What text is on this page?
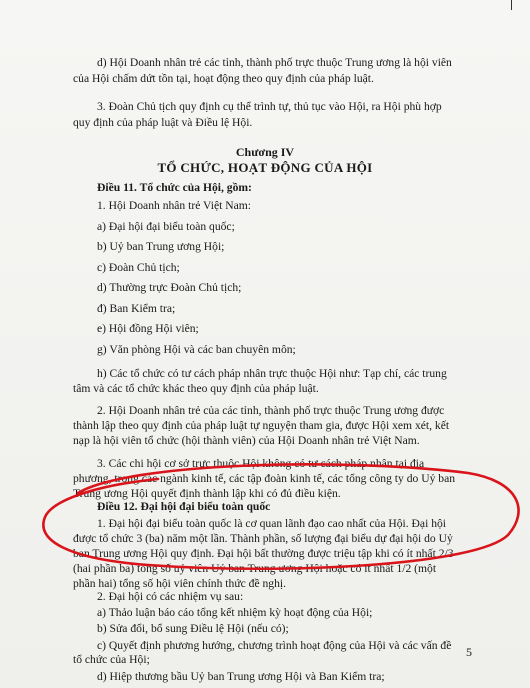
d) Hội Doanh nhân trẻ các tỉnh, thành phố trực thuộc Trung ương là hội viên
của Hội chấm dứt tồn tại, hoạt động theo quy định của pháp luật.
3. Đoàn Chủ tịch quy định cụ thể trình tự, thủ tục vào Hội, ra Hội phù hợp
quy định của pháp luật và Điều lệ Hội.
Chương IV
TỔ CHỨC, HOẠT ĐỘNG CỦA HỘI
Điều 11. Tổ chức của Hội, gồm:
1. Hội Doanh nhân trẻ Việt Nam:
a) Đại hội đại biểu toàn quốc;
b) Uỷ ban Trung ương Hội;
c) Đoàn Chủ tịch;
d) Thường trực Đoàn Chủ tịch;
đ) Ban Kiểm tra;
e) Hội đồng Hội viên;
g) Văn phòng Hội và các ban chuyên môn;
h) Các tổ chức có tư cách pháp nhân trực thuộc Hội như: Tạp chí, các trung
tâm và các tổ chức khác theo quy định của pháp luật.
2. Hội Doanh nhân trẻ của các tỉnh, thành phố trực thuộc Trung ương được
thành lập theo quy định của pháp luật tự nguyện tham gia, được Hội xem xét, kết
nạp là hội viên tổ chức (hội thành viên) của Hội Doanh nhân trẻ Việt Nam.
3. Các chi hội cơ sở trực thuộc Hội không có tư cách pháp nhân tại địa
phương, trong các ngành kinh tế, các tập đoàn kinh tế, các tổng công ty do Uỷ ban
Trung ương Hội quyết định thành lập khi có đủ điều kiện.
Điều 12. Đại hội đại biểu toàn quốc
1. Đại hội đại biểu toàn quốc là cơ quan lãnh đạo cao nhất của Hội. Đại hội
được tổ chức 3 (ba) năm một lần. Thành phần, số lượng đại biểu dự đại hội do Uỷ
ban Trung ương Hội quy định. Đại hội bất thường được triệu tập khi có ít nhất 2/3
(hai phần ba) tổng số uỷ viên Uỷ ban Trung ương Hội hoặc có ít nhất 1/2 (một
phần hai) tổng số hội viên chính thức đề nghị.
2. Đại hội có các nhiệm vụ sau:
a) Thảo luận báo cáo tổng kết nhiệm kỳ hoạt động của Hội;
b) Sửa đổi, bổ sung Điều lệ Hội (nếu có);
c) Quyết định phương hướng, chương trình hoạt động của Hội và các vấn đề
tổ chức của Hội;
d) Hiệp thương bầu Uỷ ban Trung ương Hội và Ban Kiểm tra;
5
